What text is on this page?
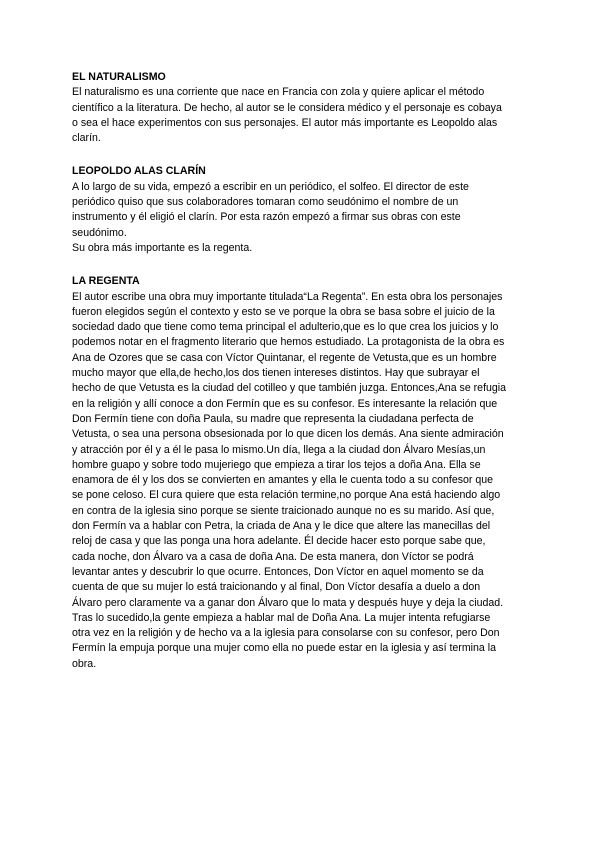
EL NATURALISMO

El naturalismo es una corriente que nace en Francia con zola y quiere aplicar el método
científico a la literatura. De hecho, al autor se le considera médico y el personaje es cobaya
o sea el hace experimentos con sus personajes. El autor más importante es Leopoldo alas
clarín.

LEOPOLDO ALAS CLARÍN

A lo largo de su vida, empezó a escribir en un periódico, el solfeo. El director de este
periódico quiso que sus colaboradores tomaran como seudónimo el nombre de un
instrumento y él eligió el clarín. Por esta razón empezó a firmar sus obras con este
seudónimo.
Su obra más importante es la regenta.

LA REGENTA

El autor escribe una obra muy importante titulada“La Regenta”. En esta obra los personajes
fueron elegidos según el contexto y esto se ve porque la obra se basa sobre el juicio de la
sociedad dado que tiene como tema principal el adulterio,que es lo que crea los juicios y lo
podemos notar en el fragmento literario que hemos estudiado. La protagonista de la obra es
Ana de Ozores que se casa con Víctor Quintanar, el regente de Vetusta,que es un hombre
mucho mayor que ella,de hecho,los dos tienen intereses distintos. Hay que subrayar el
hecho de que Vetusta es la ciudad del cotilleo y que también juzga. Entonces,Ana se refugia
en la religión y allí conoce a don Fermín que es su confesor. Es interesante la relación que
Don Fermín tiene con doña Paula, su madre que representa la ciudadana perfecta de
Vetusta, o sea una persona obsesionada por lo que dicen los demás. Ana siente admiración
y atracción por él y a él le pasa lo mismo.Un día, llega a la ciudad don Álvaro Mesías,un
hombre guapo y sobre todo mujeriego que empieza a tirar los tejos a doña Ana. Ella se
enamora de él y los dos se convierten en amantes y ella le cuenta todo a su confesor que
se pone celoso. El cura quiere que esta relación termine,no porque Ana está haciendo algo
en contra de la iglesia sino porque se siente traicionado aunque no es su marido. Así que,
don Fermín va a hablar con Petra, la criada de Ana y le dice que altere las manecillas del
reloj de casa y que las ponga una hora adelante. Él decide hacer esto porque sabe que,
cada noche, don Álvaro va a casa de doña Ana. De esta manera, don Víctor se podrá
levantar antes y descubrir lo que ocurre. Entonces, Don Víctor en aquel momento se da
cuenta de que su mujer lo está traicionando y al final, Don Víctor desafía a duelo a don
Álvaro pero claramente va a ganar don Álvaro que lo mata y después huye y deja la ciudad.
Tras lo sucedido,la gente empieza a hablar mal de Doña Ana. La mujer intenta refugiarse
otra vez en la religión y de hecho va a la iglesia para consolarse con su confesor, pero Don
Fermín la empuja porque una mujer como ella no puede estar en la iglesia y así termina la
obra.
